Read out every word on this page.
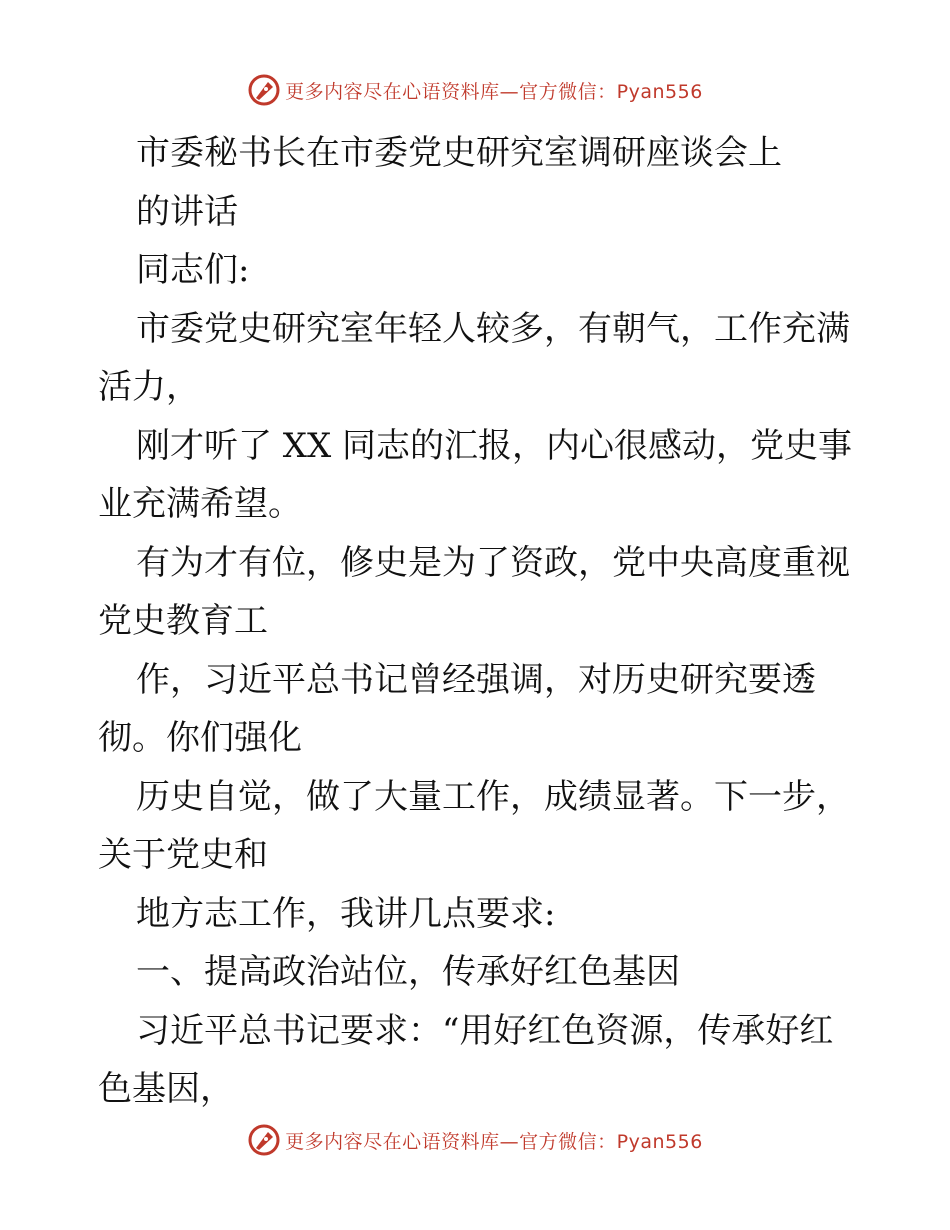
更多内容尽在心语资料库—官方微信：Pyan556

市委秘书长在市委党史研究室调研座谈会上

的讲话

同志们:

市委党史研究室年轻人较多，有朝气，工作充满

活力，

刚才听了 XX 同志的汇报，内心很感动，党史事

业充满希望。

有为才有位，修史是为了资政，党中央高度重视

党史教育工

作，习近平总书记曾经强调，对历史研究要透

彻。你们强化

历史自觉，做了大量工作，成绩显著。下一步，

关于党史和

地方志工作，我讲几点要求:

一、提高政治站位，传承好红色基因

习近平总书记要求：“用好红色资源，传承好红

色基因，

更多内容尽在心语资料库—官方微信：Pyan556
